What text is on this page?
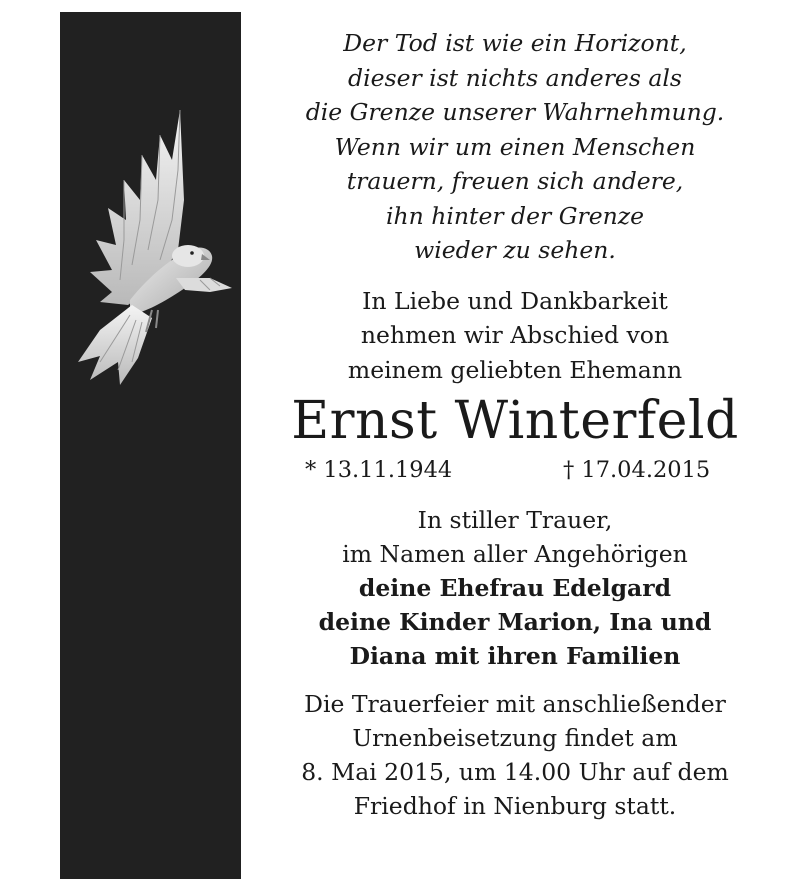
Der Tod ist wie ein Horizont,
dieser ist nichts anderes als
die Grenze unserer Wahrnehmung.
Wenn wir um einen Menschen
trauern, freuen sich andere,
ihn hinter der Grenze
wieder zu sehen.
In Liebe und Dankbarkeit
nehmen wir Abschied von
meinem geliebten Ehemann
Ernst Winterfeld
* 13.11.1944	† 17.04.2015
In stiller Trauer,
im Namen aller Angehörigen
deine Ehefrau Edelgard
deine Kinder Marion, Ina und
Diana mit ihren Familien
Die Trauerfeier mit anschließender
Urnenbeisetzung findet am
8. Mai 2015, um 14.00 Uhr auf dem
Friedhof in Nienburg statt.
